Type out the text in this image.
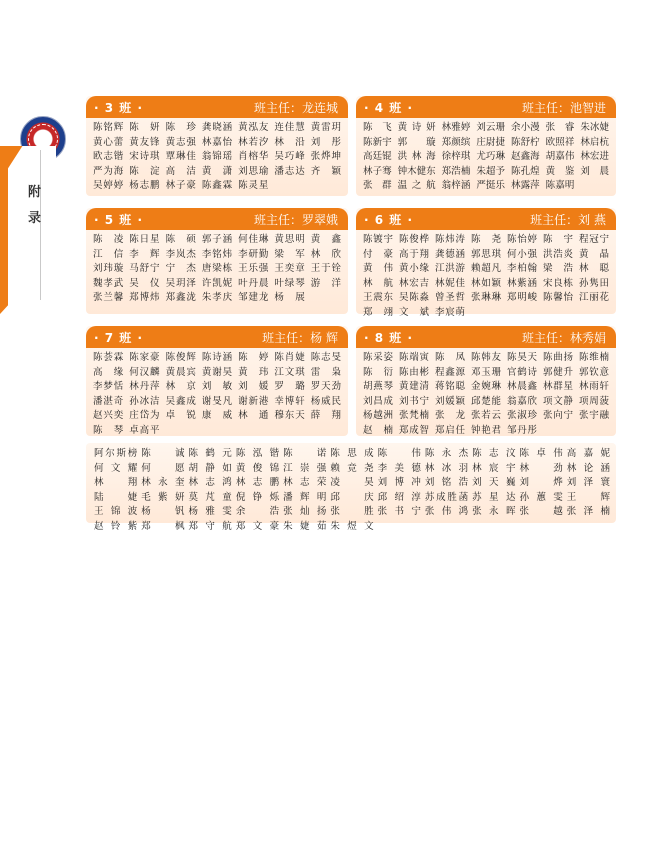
附
录
· 3 班 ·	班主任：龙连城
陈铭辉 陈 妍 陈 珍 龚晓涵 黄泓友 连佳慧 黄雷玥
黄心蕾 黄友锋 黄志强 林嘉怡 林若汐 林 沿 刘 彤
欧志锴 宋诗琪 覃琳佳 翁锦瑶 肖榕华 吴巧峰 张烨坤
严为海 陈 淀 高 洁 黄 潇 刘思瑜 潘志达 齐 颖
吴婷婷 杨志鹏 林子豪 陈鑫霖 陈灵星
· 4 班 ·	班主任：池智进
陈 飞 黄诗妍 林雅婷 刘云珊 余小漫 张 睿 朱冰婕
陈新宇 郭 璇 郑颜缤 庄尉捷 陈舒柠 欧照祥 林启杭
高廷锟 洪林海 徐梓琪 尤巧琳 赵鑫海 胡嘉伟 林宏进
林子骞 钟木健东 郑浩楠 朱超予 陈孔煌 黄 鉴 刘 晨
张 群 温之航 翁梓涵 严挺乐 林露萍 陈嘉明
· 5 班 ·	班主任：罗翠娥
陈 凌 陈日星 陈 硕 郭子涵 何佳琳 黄思明 黄 鑫
江 信 李 辉 李岚杰 李铭炜 李研勤 梁 军 林 欣
刘玮璇 马舒宁 宁 杰 唐梁栋 王乐强 王奕章 王于铨
魏孝武 吴 仪 吴玥泽 许凯妮 叶丹晨 叶绿琴 游 洋
张兰馨 郑博炜 郑鑫泷 朱孝庆 邹建龙 杨 展
· 6 班 ·	班主任：刘 燕
陈镀宇 陈俊桦 陈炜涛 陈 尧 陈怡婷 陈 宇 程冠宁
付 豪 高于翔 龚德涵 郭思琪 何小强 洪浩炎 黄 晶
黄 伟 黄小缘 江洪游 赖超凡 李柏翰 梁 浩 林 聪
林 航 林宏吉 林妮佳 林如颖 林紫涵 宋良栋 孙隽田
王震东 吴陈淼 曾圣哲 张琳琳 郑明峻 陈馨怡 江丽花
郑 翊 文 斌 李宸萌
· 7 班 ·	班主任：杨 辉
陈荟霖 陈家豪 陈俊辉 陈诗涵 陈 婷 陈肖婕 陈志旻
高 缘 何汉麟 黄晨宾 黄谢昊 黄 玮 江文琪 雷 枭
李梦恬 林丹萍 林 京 刘 敏 刘 媛 罗 璐 罗天劲
潘湛奇 孙冰洁 吴鑫成 谢旻凡 谢新港 幸博轩 杨威民
赵兴奕 庄岱为 卓 锐 康 威 林 通 穆东天 薛 翔
陈 琴 卓高平
· 8 班 ·	班主任：林秀娟
陈采姿 陈端寅 陈 凤 陈韩友 陈昊天 陈曲扬 陈维楠
陈 衍 陈由彬 程鑫源 邓玉珊 官鹤诗 郭健升 郭钦意
胡燕琴 黄建清 蒋铭聪 金婉琳 林晨鑫 林群星 林雨轩
刘昌成 刘书宁 刘媛颖 邱楚能 翁嘉欣 项文静 项周菠
杨越洲 张梵楠 张 龙 张若云 张淑珍 张向宁 张宇融
赵 楠 郑成智 郑启任 钟艳君 邹丹彤
阿尔斯榜 陈 诚 陈鹤元 陈泓锴 陈 诺 陈思成 陈 伟 陈永杰 陈志汶 陈卓伟 高嘉妮
何文耀 何 愿 胡静如 黄俊锦 江崇强 赖竞尧 李美德 林冰羽 林宸宇 林 劲 林论涵
林 翔 林永奎 林志鸿 林志鹏 林志荣 凌 昊 刘博冲 刘铭浩 刘天巍 刘 烨 刘泽寰
陆 婕 毛紫妍 莫芃童 倪铮烁 潘辉明 邱 庆 邱绍淳 苏成胜菡 苏星达 孙蕙雯 王 辉
王锦波 杨 钒 杨雅雯 余 浩 张灿扬 张 胜 张书宁 张伟鸿 张永晖 张 越 张泽楠
赵铃紫 郑 枫 郑守航 郑文豪 朱婕茹 朱煜文
